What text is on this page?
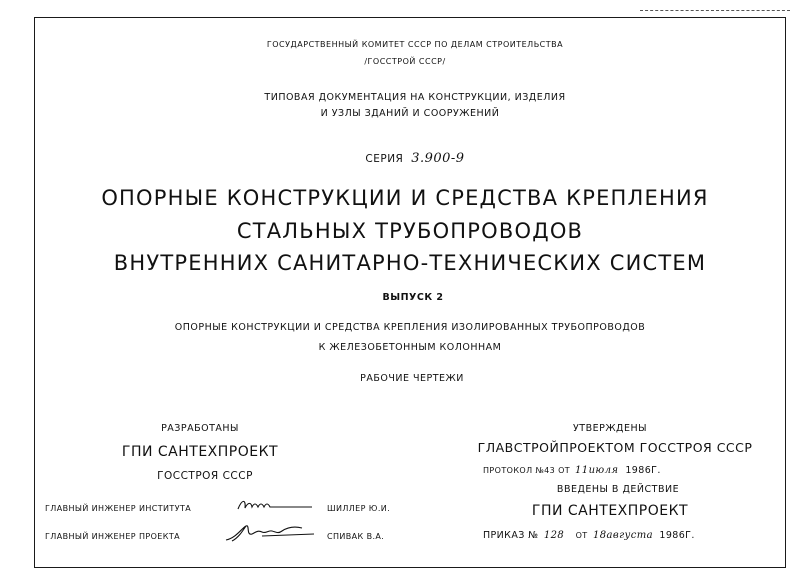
ГОСУДАРСТВЕННЫЙ КОМИТЕТ СССР ПО ДЕЛАМ СТРОИТЕЛЬСТВА
/ГОССТРОЙ СССР/
ТИПОВАЯ ДОКУМЕНТАЦИЯ НА КОНСТРУКЦИИ, ИЗДЕЛИЯ
И УЗЛЫ ЗДАНИЙ И СООРУЖЕНИЙ
СЕРИЯ 3.900-9
ОПОРНЫЕ КОНСТРУКЦИИ И СРЕДСТВА КРЕПЛЕНИЯ
СТАЛЬНЫХ ТРУБОПРОВОДОВ
ВНУТРЕННИХ САНИТАРНО-ТЕХНИЧЕСКИХ СИСТЕМ
ВЫПУСК 2
ОПОРНЫЕ КОНСТРУКЦИИ И СРЕДСТВА КРЕПЛЕНИЯ ИЗОЛИРОВАННЫХ ТРУБОПРОВОДОВ
К ЖЕЛЕЗОБЕТОННЫМ КОЛОННАМ
РАБОЧИЕ ЧЕРТЕЖИ
РАЗРАБОТАНЫ
ГПИ САНТЕХПРОЕКТ
ГОССТРОЯ СССР
ГЛАВНЫЙ ИНЖЕНЕР ИНСТИТУТА	ШИЛЛЕР Ю.И.
ГЛАВНЫЙ ИНЖЕНЕР ПРОЕКТА	СПИВАК В.А.
УТВЕРЖДЕНЫ
ГЛАВСТРОЙПРОЕКТОМ ГОССТРОЯ СССР
ПРОТОКОЛ №43 ОТ 11июля 1986Г.
ВВЕДЕНЫ В ДЕЙСТВИЕ
ГПИ САНТЕХПРОЕКТ
ПРИКАЗ № 128 ОТ 18августа 1986Г.
